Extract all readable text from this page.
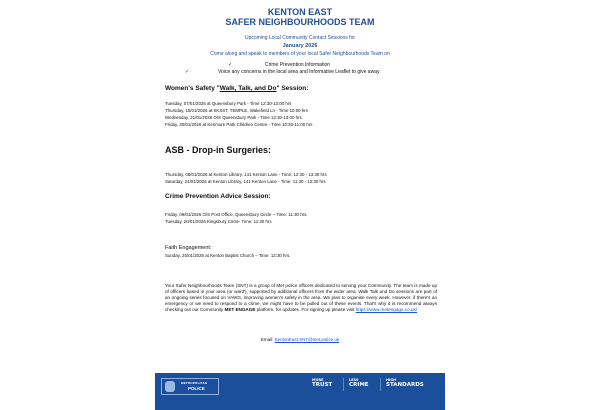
KENTON EAST
SAFER NEIGHBOURHOODS TEAM
Upcoming Local Community Contact Sessions for
January 2026
Come along and speak to members of your local Safer Neighbourhoods Team on
✓	Crime Prevention Information
✓	Voice any concerns in the local area and Informative Leaflet to give away
Women's Safety "Walk, Talk, and Do" Session:
Tuesday, 07/01/2026 at Queensbury Park - Time 12:30-13:00 hrs
Thursday, 15/01/2026 at SKSST, TEMPLE, Wakefield Ln - Time 10:00 hrs
Wednesday, 21/01/2026 O/S Queensbury Park - Time 12:30-13:00 hrs.
Friday, 30/01/2026 at Kenmore Park Children Centre - Time 10:30-11:00 hrs
ASB - Drop-in Surgeries:
Thursday, 08/01/2026 at Kenton Library, 141 Kenton Lane - Time: 12:30 - 13:30 hrs
Saturday, 24/01/2026 at Kenton Library, 141 Kenton Lane - Time: 11:30 - 12:30 hrs
Crime Prevention Advice Session:
Friday, 09/01/2026 O/S Post Office, Queensbury Circle – Time: 11:30 hrs.
Tuesday, 20/01/2026 Kingsbury Circle- Time: 11:30 hrs
Faith Engagement:
Sunday, 25/01/2026 at Kenton Baptist Church – Time: 13:30 hrs.
Your Safer Neighbourhoods Team (SNT) is a group of Met police officers dedicated to serving your Community. The team is made up of officers based in your area (or ward'), supported by additional officers from the wider area. Walk Talk and Do sessions are part of an ongoing series focused on VAWG, improving women's safety in the area. We plan to organise every week. However, if there's an emergency or we need to respond to a crime, we might have to be pulled out of these events. That's why it is recommend always checking out our Community MET ENGAGE platform, for updates. For signing up please visit https://www.metengage.co.uk/
Email: KentonEast.SNT@met.police.uk
METROPOLITAN
POLICE
MORE
TRUST
LESS
CRIME
HIGH
STANDARDS
